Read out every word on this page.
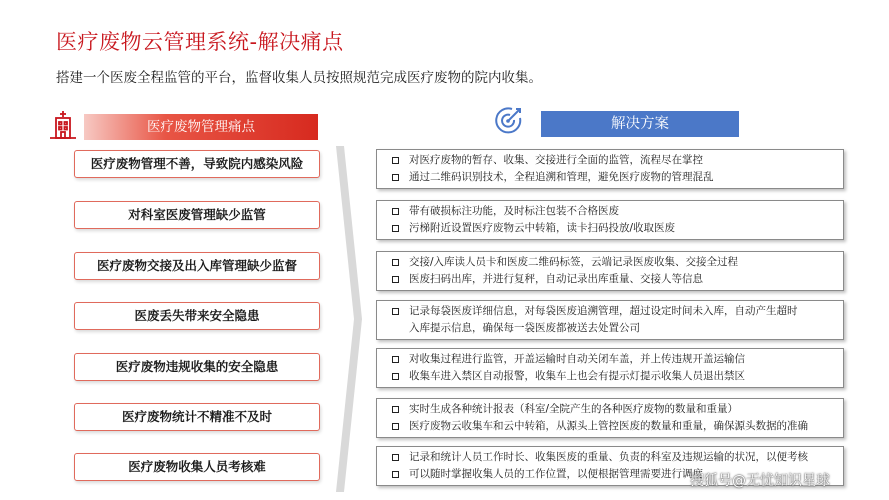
医疗废物云管理系统-解决痛点
搭建一个医废全程监管的平台，监督收集人员按照规范完成医疗废物的院内收集。
医疗废物管理痛点	解决方案
医疗废物管理不善，导致院内感染风险
对科室医废管理缺少监管
医疗废物交接及出入库管理缺少监督
医废丢失带来安全隐患
医疗废物违规收集的安全隐患
医疗废物统计不精准不及时
医疗废物收集人员考核难
对医疗废物的暂存、收集、交接进行全面的监管，流程尽在掌控
通过二维码识别技术，全程追溯和管理，避免医疗废物的管理混乱
带有破损标注功能，及时标注包装不合格医废
污梯附近设置医疗废物云中转箱，读卡扫码投放/收取医废
交接/入库读人员卡和医废二维码标签，云端记录医废收集、交接全过程
医废扫码出库，并进行复秤，自动记录出库重量、交接人等信息
记录每袋医废详细信息，对每袋医废追溯管理，超过设定时间未入库，自动产生超时
入库提示信息，确保每一袋医废都被送去处置公司
对收集过程进行监管，开盖运输时自动关闭车盖，并上传违规开盖运输信
收集车进入禁区自动报警，收集车上也会有提示灯提示收集人员退出禁区
实时生成各种统计报表（科室/全院产生的各种医疗废物的数量和重量）
医疗废物云收集车和云中转箱，从源头上管控医废的数量和重量，确保源头数据的准确
记录和统计人员工作时长、收集医废的重量、负责的科室及违规运输的状况，以便考核
可以随时掌握收集人员的工作位置，以便根据管理需要进行调度
搜狐号@无忧知识星球
